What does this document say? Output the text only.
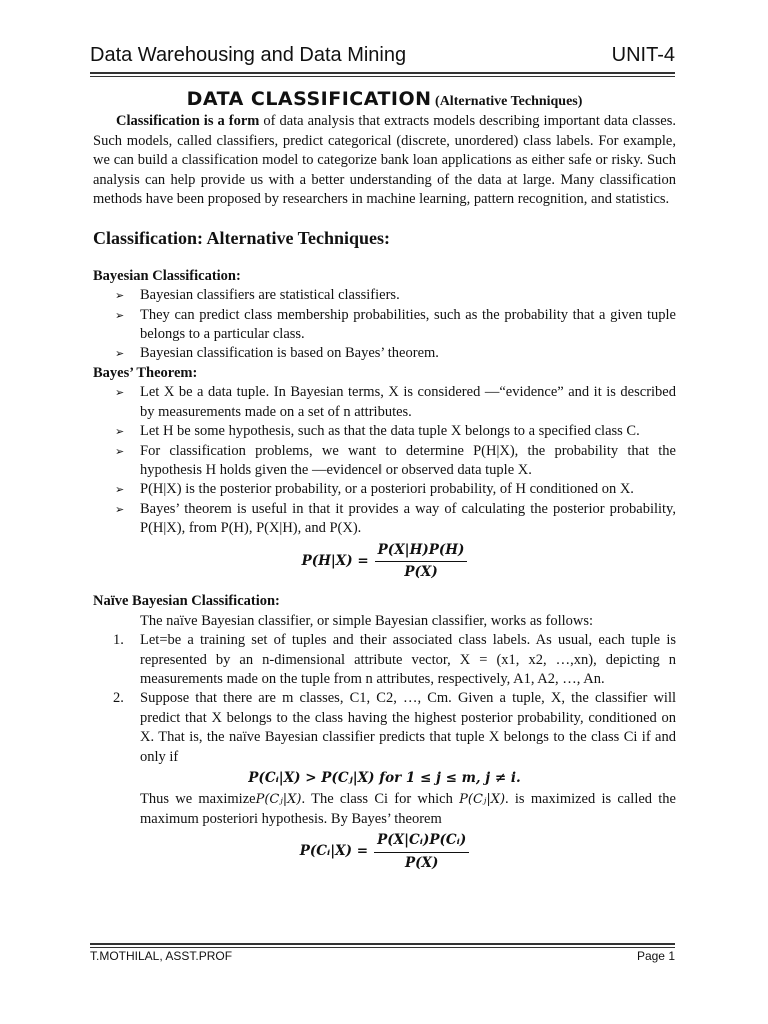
Data Warehousing and Data Mining	UNIT-4
DATA CLASSIFICATION (Alternative Techniques)

Classification is a form of data analysis that extracts models describing important data classes. Such models, called classifiers, predict categorical (discrete, unordered) class labels. For example, we can build a classification model to categorize bank loan applications as either safe or risky. Such analysis can help provide us with a better understanding of the data at large. Many classification methods have been proposed by researchers in machine learning, pattern recognition, and statistics.

Classification: Alternative Techniques:

Bayesian Classification:

➢ Bayesian classifiers are statistical classifiers.
➢ They can predict class membership probabilities, such as the probability that a given tuple belongs to a particular class.
➢ Bayesian classification is based on Bayes’ theorem.

Bayes’ Theorem:

➢ Let X be a data tuple. In Bayesian terms, X is considered ―“evidence” and it is described by measurements made on a set of n attributes.
➢ Let H be some hypothesis, such as that the data tuple X belongs to a specified class C.
➢ For classification problems, we want to determine P(H|X), the probability that the hypothesis H holds given the ―evidence‖ or observed data tuple X.
➢ P(H|X) is the posterior probability, or a posteriori probability, of H conditioned on X.
➢ Bayes’ theorem is useful in that it provides a way of calculating the posterior probability, P(H|X), from P(H), P(X|H), and P(X).
$P(H|X) = \frac{P(X|H)P(H)}{P(X)}$

Naïve Bayesian Classification:

The naïve Bayesian classifier, or simple Bayesian classifier, works as follows:

1. Let=be a training set of tuples and their associated class labels. As usual, each tuple is represented by an n-dimensional attribute vector, X = (x1, x2, …,xn), depicting n measurements made on the tuple from n attributes, respectively, A1, A2, …, An.
2. Suppose that there are m classes, C1, C2, …, Cm. Given a tuple, X, the classifier will predict that X belongs to the class having the highest posterior probability, conditioned on X. That is, the naïve Bayesian classifier predicts that tuple X belongs to the class Ci if and only if
P(Cᵢ|X) > P(Cⱼ|X) for 1 ≤ j ≤ m, j ≠ i.

Thus we maximizeP(Cⱼ|X). The class Ci for which P(Cⱼ|X). is maximized is called the maximum posteriori hypothesis. By Bayes’ theorem

P(Cᵢ|X) = $\frac{\text{P(X|Cᵢ)P(Cᵢ)}}{P(X)}$
T.MOTHILAL, ASST.PROF	Page 1
